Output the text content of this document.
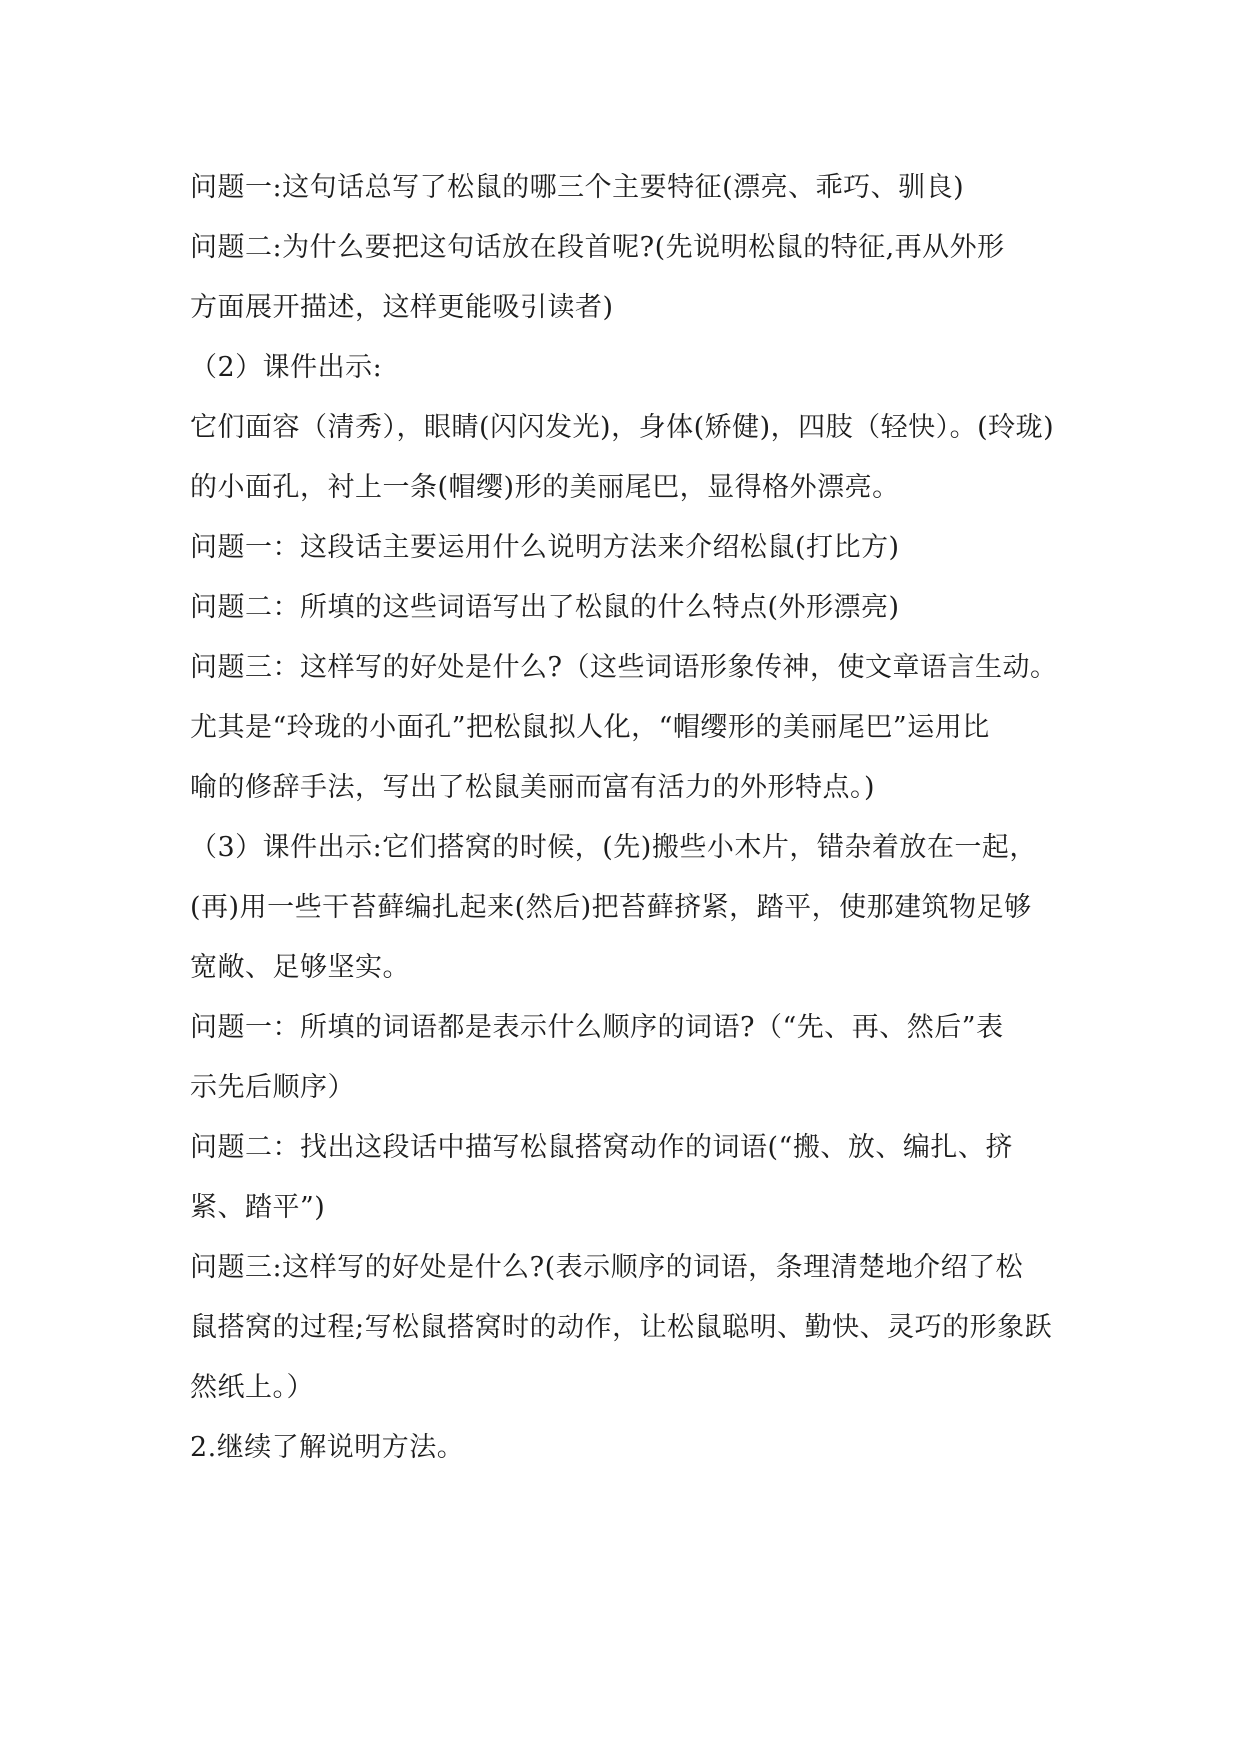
问题一:这句话总写了松鼠的哪三个主要特征(漂亮、乖巧、驯良)
问题二:为什么要把这句话放在段首呢?(先说明松鼠的特征,再从外形
方面展开描述，这样更能吸引读者)
（2）课件出示:
它们面容（清秀），眼睛(闪闪发光)，身体(矫健)，四肢（轻快）。(玲珑)
的小面孔，衬上一条(帽缨)形的美丽尾巴，显得格外漂亮。
问题一：这段话主要运用什么说明方法来介绍松鼠(打比方)
问题二：所填的这些词语写出了松鼠的什么特点(外形漂亮)
问题三：这样写的好处是什么?（这些词语形象传神，使文章语言生动。
尤其是“玲珑的小面孔”把松鼠拟人化，“帽缨形的美丽尾巴”运用比
喻的修辞手法，写出了松鼠美丽而富有活力的外形特点。)
（3）课件出示:它们搭窝的时候，(先)搬些小木片，错杂着放在一起，
(再)用一些干苔藓编扎起来(然后)把苔藓挤紧，踏平，使那建筑物足够
宽敞、足够坚实。
问题一：所填的词语都是表示什么顺序的词语?（“先、再、然后”表
示先后顺序）
问题二：找出这段话中描写松鼠搭窝动作的词语(“搬、放、编扎、挤
紧、踏平”)
问题三:这样写的好处是什么?(表示顺序的词语，条理清楚地介绍了松
鼠搭窝的过程;写松鼠搭窝时的动作，让松鼠聪明、勤快、灵巧的形象跃
然纸上。）
2.继续了解说明方法。
